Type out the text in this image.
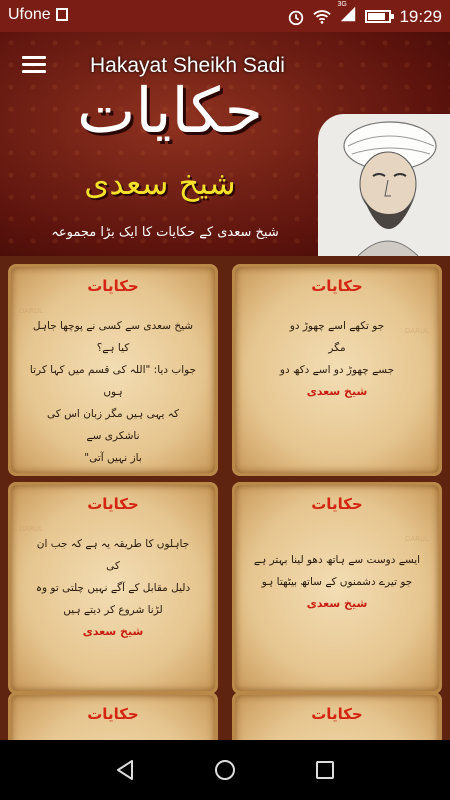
Ufone
3G
19:29
Hakayat Sheikh Sadi
حکایات
شیخ سعدی
شیخ سعدی کے حکایات کا ایک بڑا مجموعہ
حکایات
شیخ سعدی سے کسی نے پوچھا جاہل کیا ہے؟
جواب دیا: "اللہ کی قسم میں کہا کرتا ہوں
کہ یہی ہیں مگر زبان اس کی ناشکری سے
باز نہیں آتی"
DARUL
حکایات
جو تکھے اسے چھوڑ دو
مگر
جسے چھوڑ دو اسے دکھ دو
شیخ سعدی
DARUL
حکایات
جاہلوں کا طریقہ یہ ہے کہ جب ان کی
دلیل مقابل کے آگے نہیں چلتی تو وہ
لڑنا شروع کر دیتے ہیں
شیخ سعدی
DARUL
حکایات
ایسے دوست سے ہاتھ دھو لینا بہتر ہے
جو تیرے دشمنوں کے ساتھ بیٹھتا ہو
شیخ سعدی
DARUL
حکایات	حکایات
